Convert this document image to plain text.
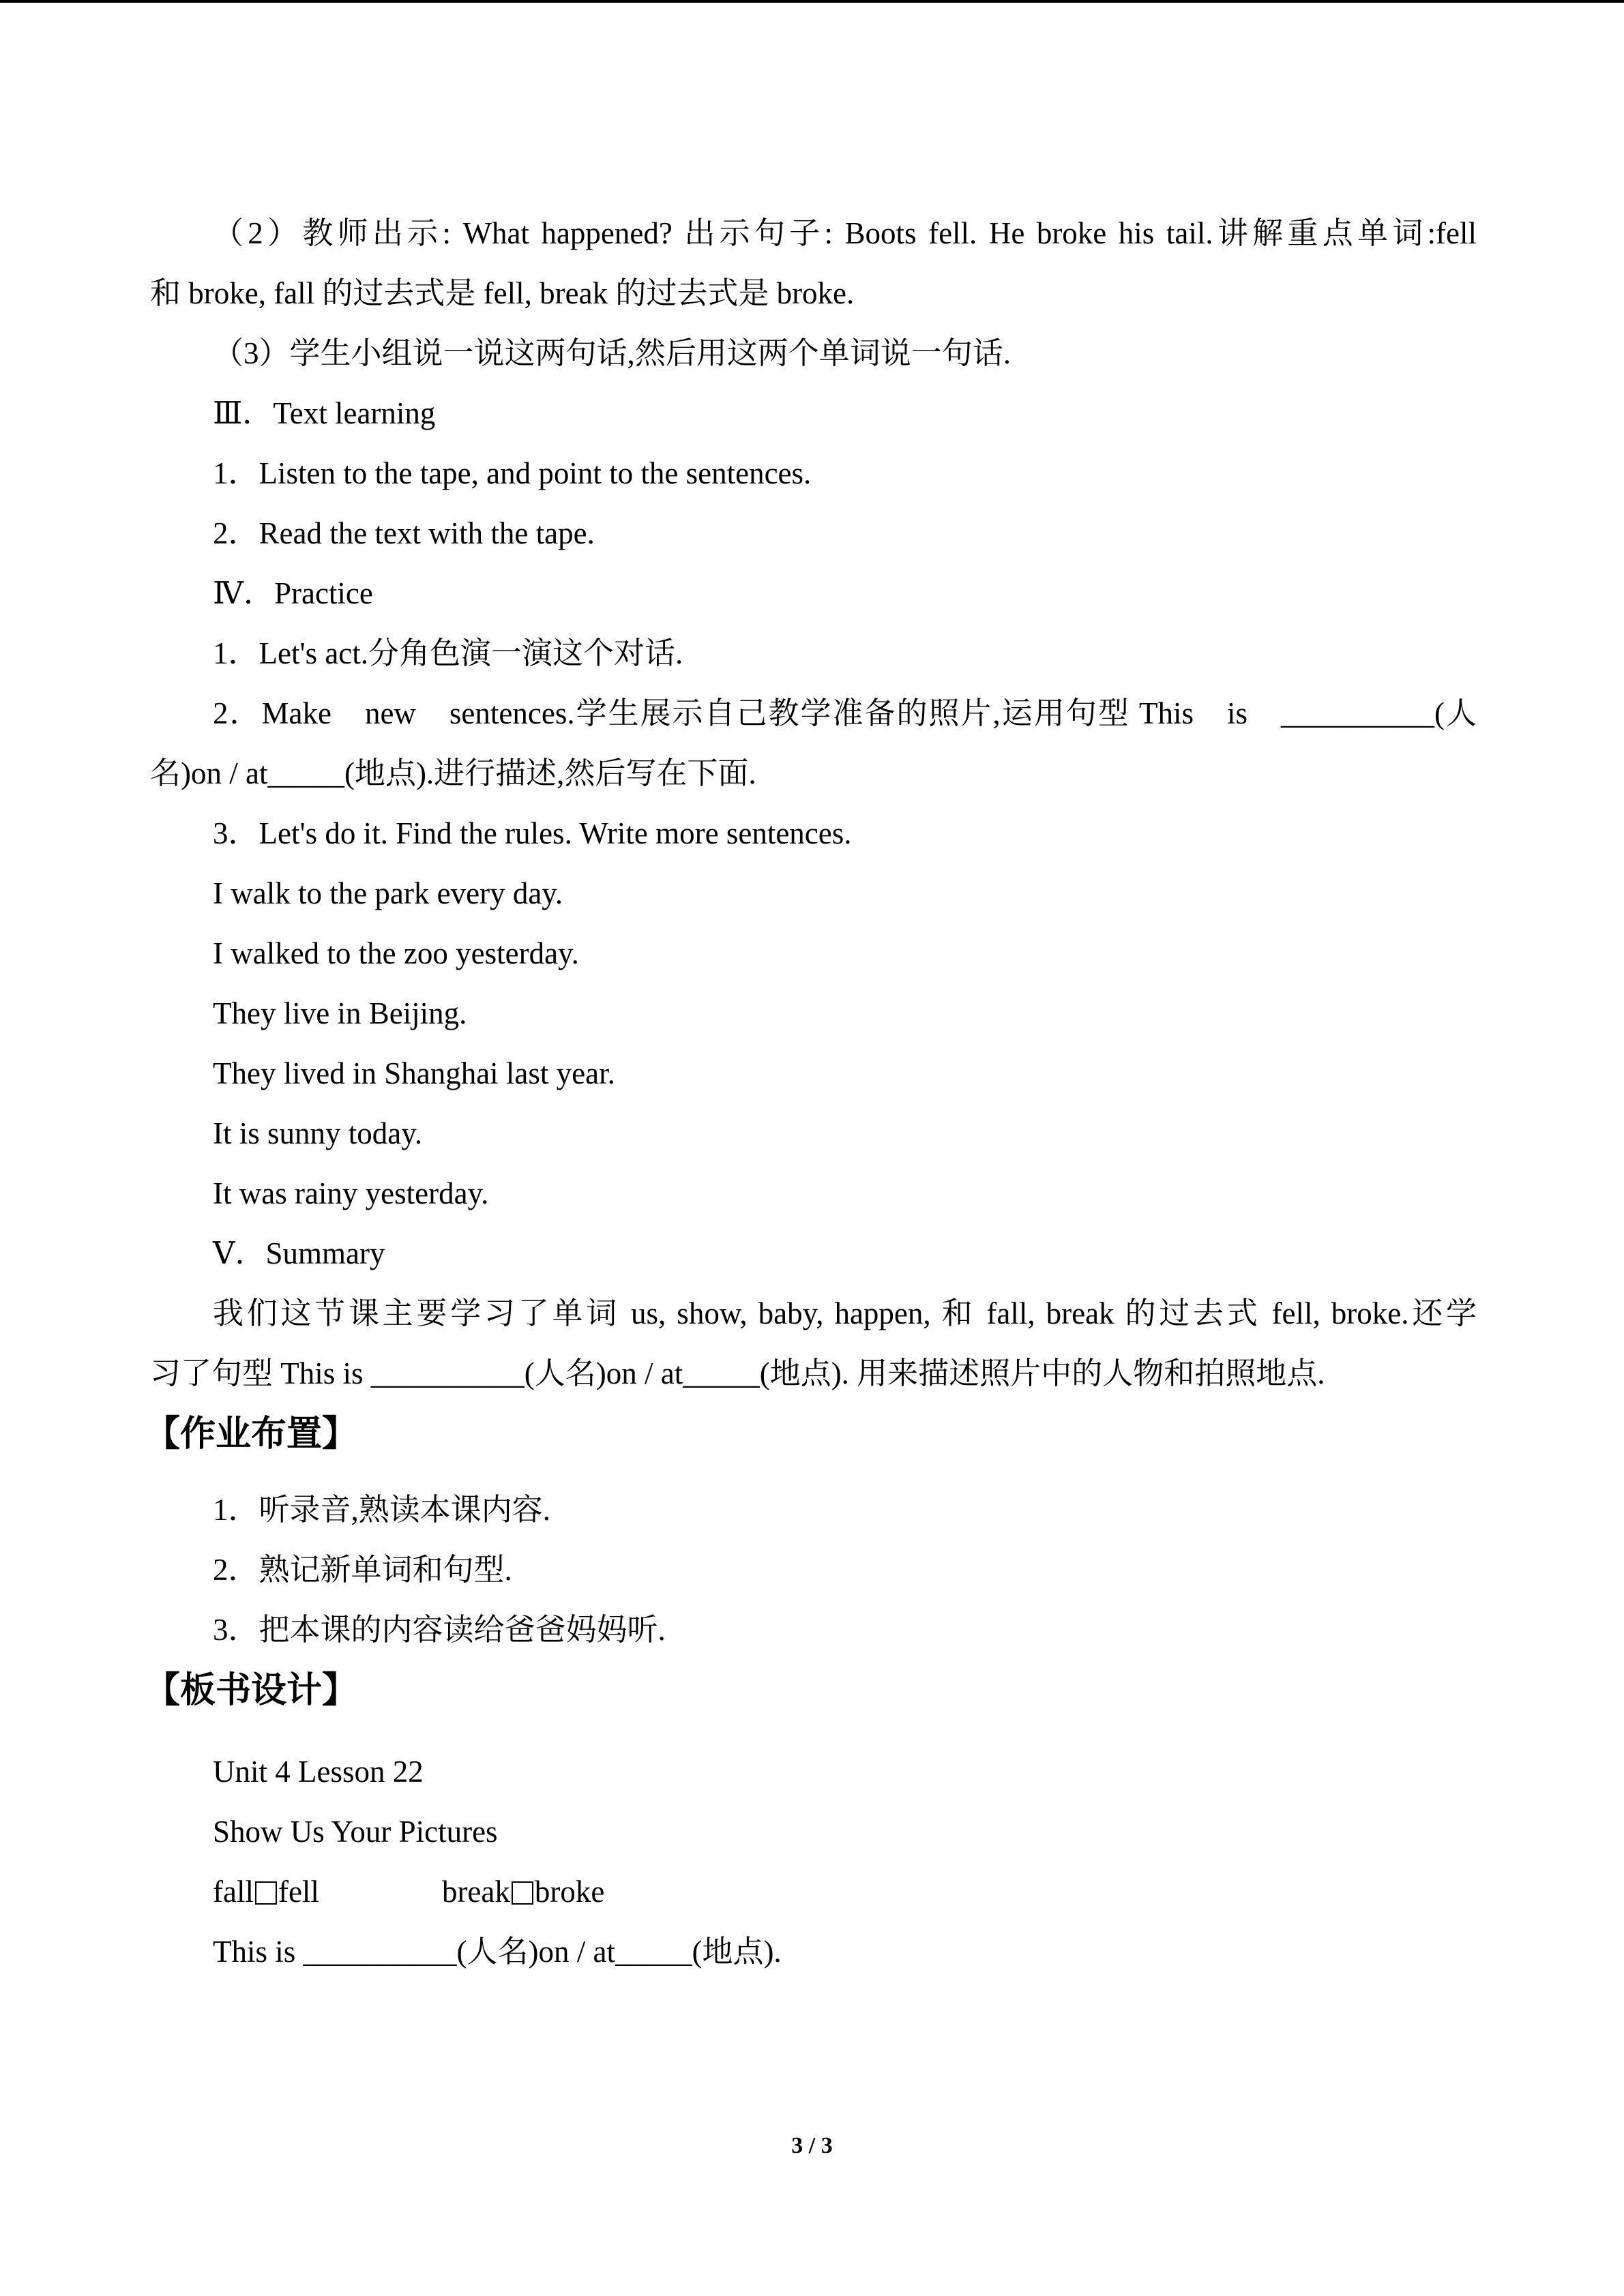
（2）教师出示: What happened? 出示句子: Boots fell. He broke his tail.讲解重点单词:fell
和 broke, fall 的过去式是 fell, break 的过去式是 broke.
（3）学生小组说一说这两句话,然后用这两个单词说一句话.
Ⅲ．Text learning
1．Listen to the tape, and point to the sentences.
2．Read the text with the tape.
Ⅳ．Practice
1．Let's act.分角色演一演这个对话.
2．Make　new　sentences.学生展示自己教学准备的照片,运用句型 This　is　__________(人
名)on / at_____(地点).进行描述,然后写在下面.
3．Let's do it. Find the rules. Write more sentences.
I walk to the park every day.
I walked to the zoo yesterday.
They live in Beijing.
They lived in Shanghai last year.
It is sunny today.
It was rainy yesterday.
Ⅴ．Summary
我们这节课主要学习了单词 us, show, baby, happen, 和 fall, break 的过去式 fell, broke.还学
习了句型 This is __________(人名)on / at_____(地点). 用来描述照片中的人物和拍照地点.
【作业布置】
1．听录音,熟读本课内容.
2．熟记新单词和句型.
3．把本课的内容读给爸爸妈妈听.
【板书设计】
Unit 4 Lesson 22
Show Us Your Pictures
fall fell	break broke
This is __________(人名)on / at_____(地点).
3 / 3
